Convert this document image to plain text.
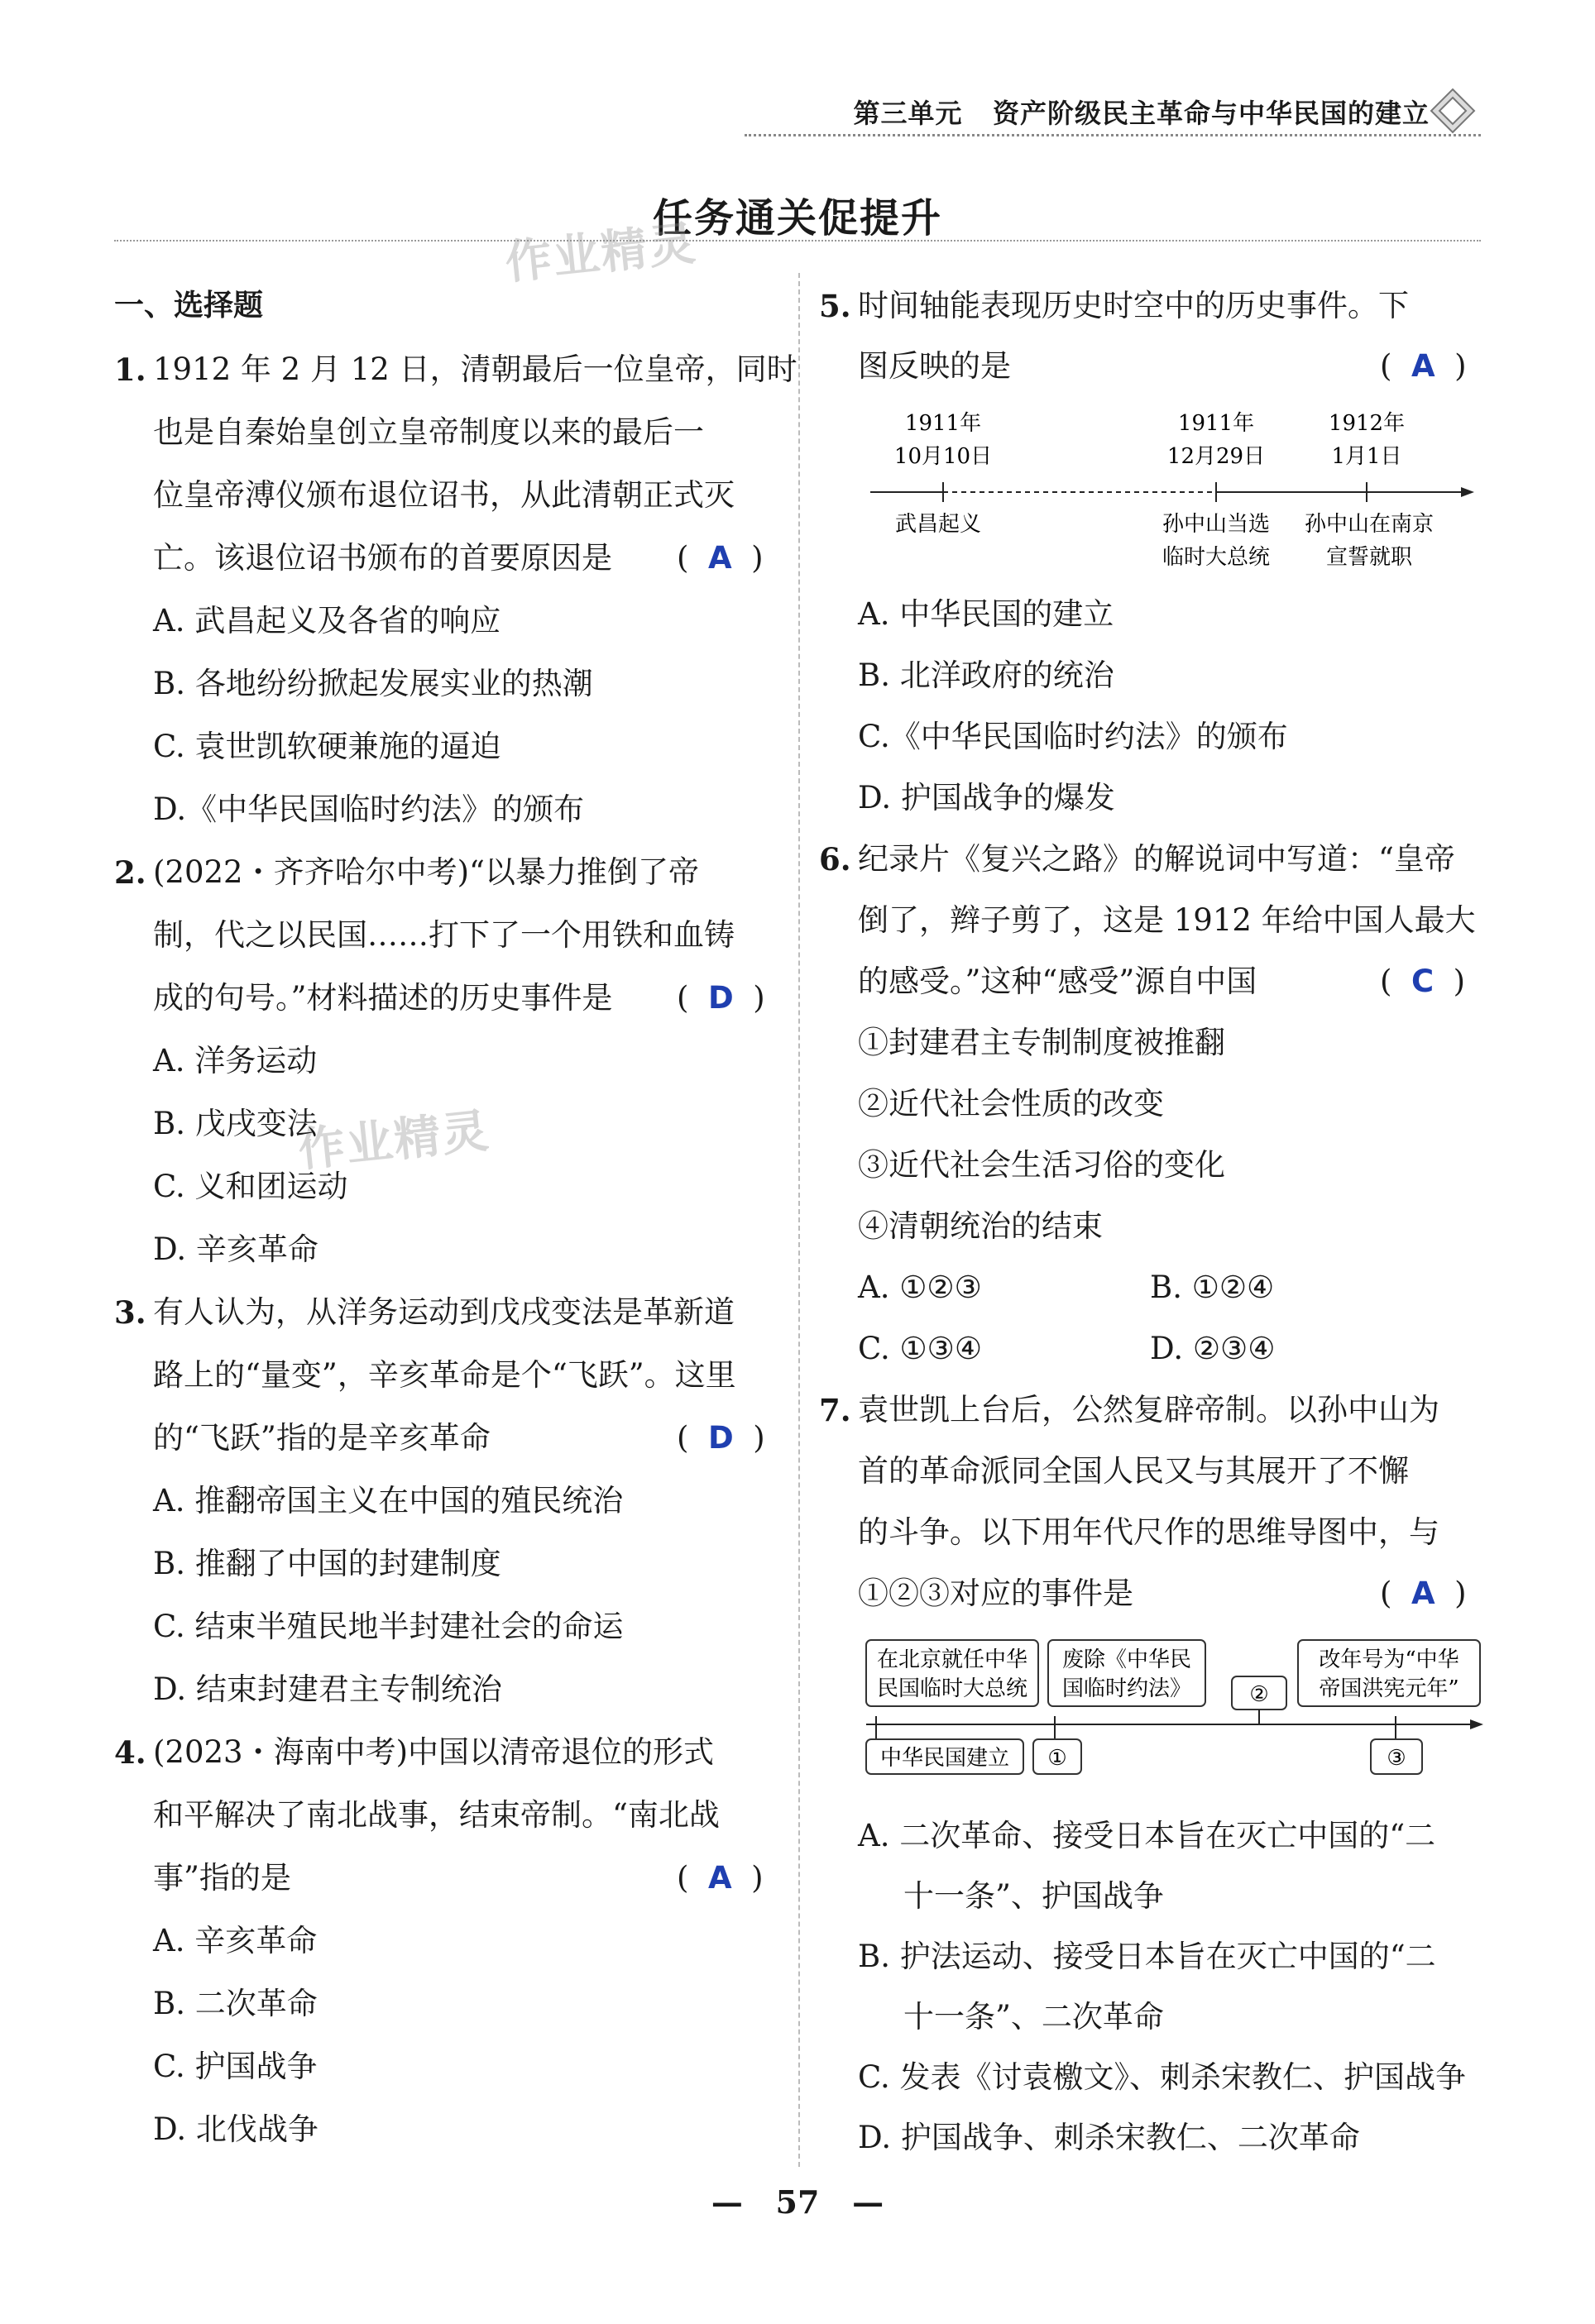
第三单元 资产阶级民主革命与中华民国的建立
任务通关促提升
作业精灵
作业精灵
一、选择题
1. 1912 年 2 月 12 日，清朝最后一位皇帝，同时
也是自秦始皇创立皇帝制度以来的最后一
位皇帝溥仪颁布退位诏书，从此清朝正式灭
亡。该退位诏书颁布的首要原因是 (  A  )
A. 武昌起义及各省的响应
B. 各地纷纷掀起发展实业的热潮
C. 袁世凯软硬兼施的逼迫
D.《中华民国临时约法》的颁布
2. (2022・齐齐哈尔中考)“以暴力推倒了帝
制，代之以民国……打下了一个用铁和血铸
成的句号。”材料描述的历史事件是 (  D  )
A. 洋务运动
B. 戊戌变法
C. 义和团运动
D. 辛亥革命
3. 有人认为，从洋务运动到戊戌变法是革新道
路上的“量变”，辛亥革命是个“飞跃”。这里
的“飞跃”指的是辛亥革命	(  D  )
A. 推翻帝国主义在中国的殖民统治
B. 推翻了中国的封建制度
C. 结束半殖民地半封建社会的命运
D. 结束封建君主专制统治
4. (2023・海南中考)中国以清帝退位的形式
和平解决了南北战事，结束帝制。“南北战
事”指的是	(  A  )
A. 辛亥革命
B. 二次革命
C. 护国战争
D. 北伐战争
5. 时间轴能表现历史时空中的历史事件。下
图反映的是	(  A  )
1911年
10月10日
1911年
12月29日
1912年
1月1日
武昌起义	孙中山当选
临时大总统
孙中山在南京
宣誓就职
A. 中华民国的建立
B. 北洋政府的统治
C.《中华民国临时约法》的颁布
D. 护国战争的爆发
6. 纪录片《复兴之路》的解说词中写道：“皇帝
倒了，辫子剪了，这是 1912 年给中国人最大
的感受。”这种“感受”源自中国	(  C  )
①封建君主专制制度被推翻
②近代社会性质的改变
③近代社会生活习俗的变化
④清朝统治的结束
A. ①②③	B. ①②④
C. ①③④	D. ②③④
7. 袁世凯上台后，公然复辟帝制。以孙中山为
首的革命派同全国人民又与其展开了不懈
的斗争。以下用年代尺作的思维导图中，与
①②③对应的事件是	(  A  )
在北京就任中华
民国临时大总统
废除《中华民
国临时约法》	②
改年号为“中华
帝国洪宪元年”
中华民国建立 ①	③
A. 二次革命、接受日本旨在灭亡中国的“二
十一条”、护国战争
B. 护法运动、接受日本旨在灭亡中国的“二
十一条”、二次革命
C. 发表《讨袁檄文》、刺杀宋教仁、护国战争
D. 护国战争、刺杀宋教仁、二次革命
—   57   —
